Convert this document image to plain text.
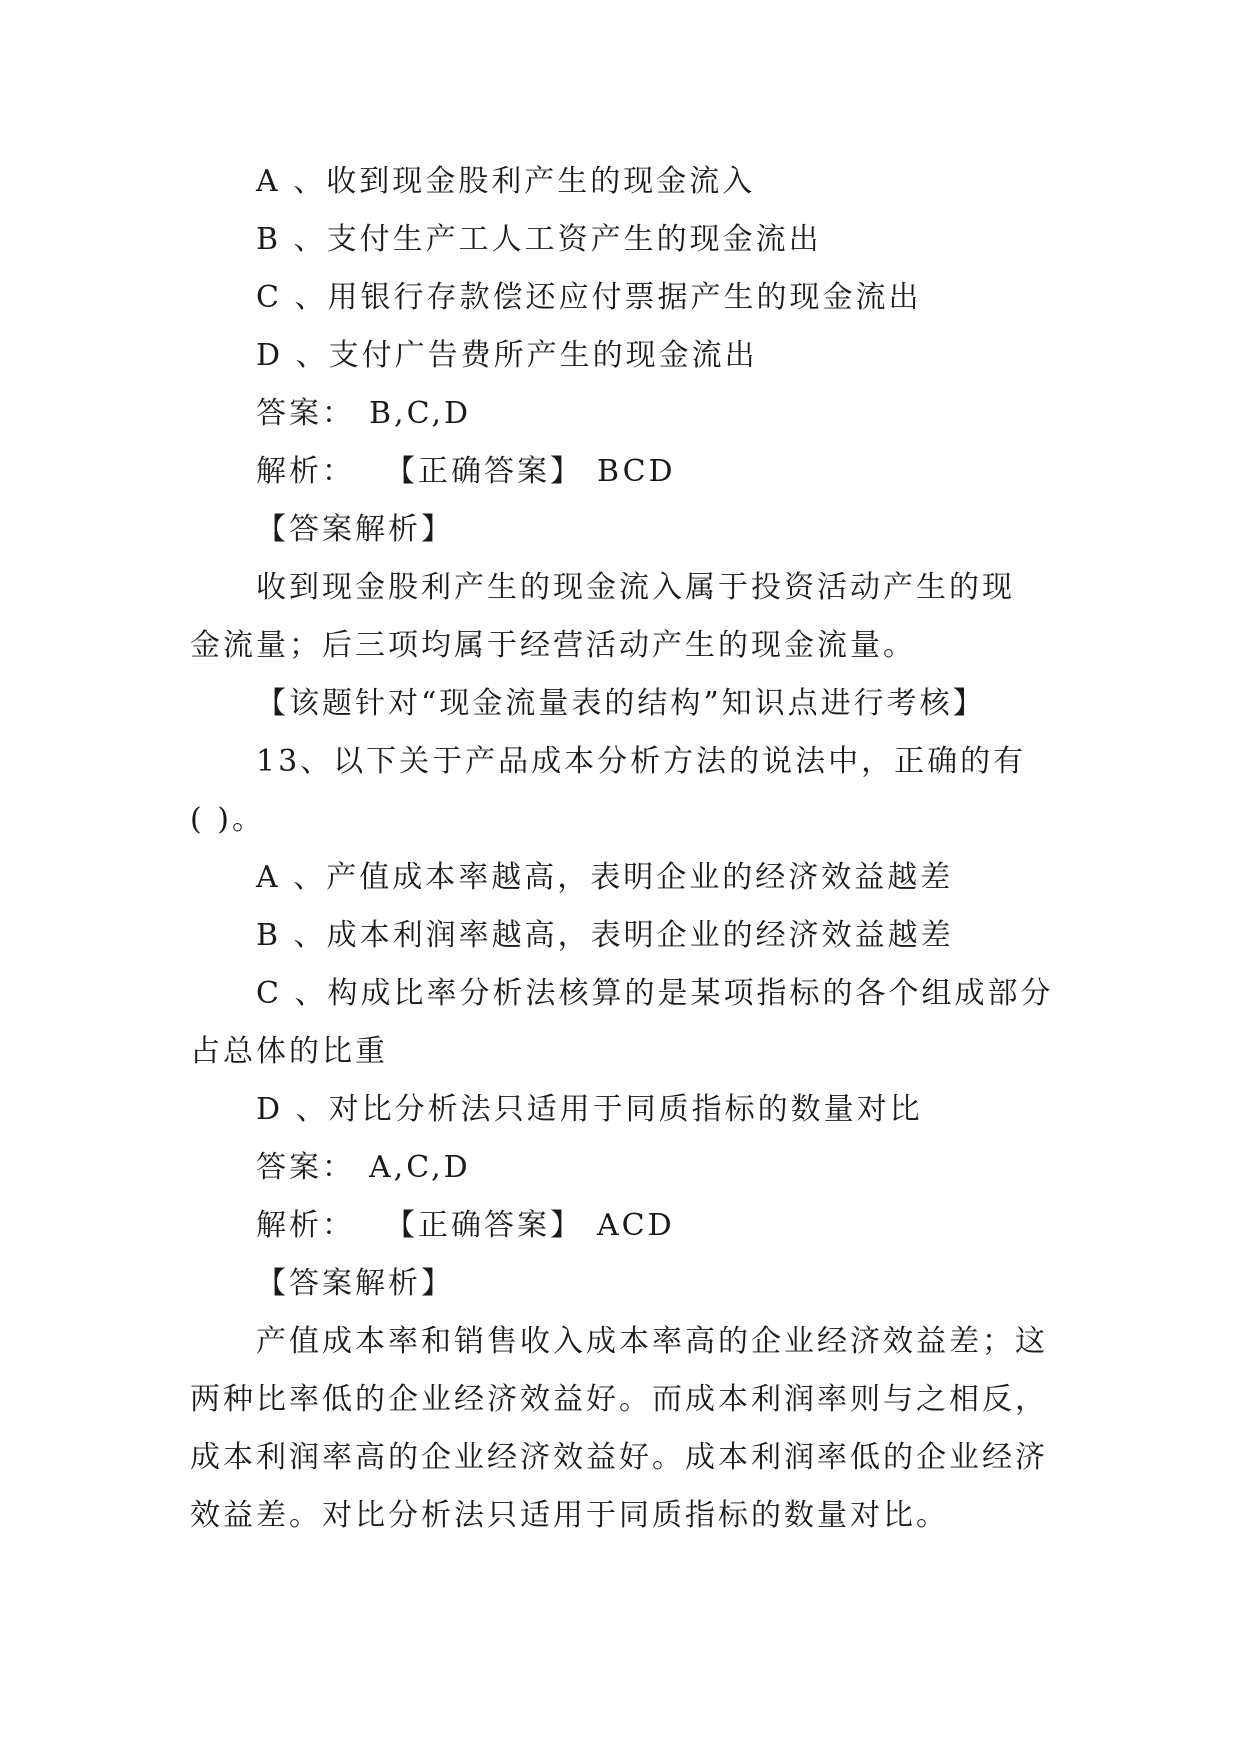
A 、收到现金股利产生的现金流入
B 、支付生产工人工资产生的现金流出
C 、用银行存款偿还应付票据产生的现金流出
D 、支付广告费所产生的现金流出
答案： B,C,D
解析： 【正确答案】 BCD
【答案解析】
收到现金股利产生的现金流入属于投资活动产生的现
金流量；后三项均属于经营活动产生的现金流量。
【该题针对“现金流量表的结构”知识点进行考核】
13、以下关于产品成本分析方法的说法中，正确的有
( )。
A 、产值成本率越高，表明企业的经济效益越差
B 、成本利润率越高，表明企业的经济效益越差
C 、构成比率分析法核算的是某项指标的各个组成部分
占总体的比重
D 、对比分析法只适用于同质指标的数量对比
答案： A,C,D
解析： 【正确答案】 ACD
【答案解析】
产值成本率和销售收入成本率高的企业经济效益差；这
两种比率低的企业经济效益好。而成本利润率则与之相反，
成本利润率高的企业经济效益好。成本利润率低的企业经济
效益差。对比分析法只适用于同质指标的数量对比。
